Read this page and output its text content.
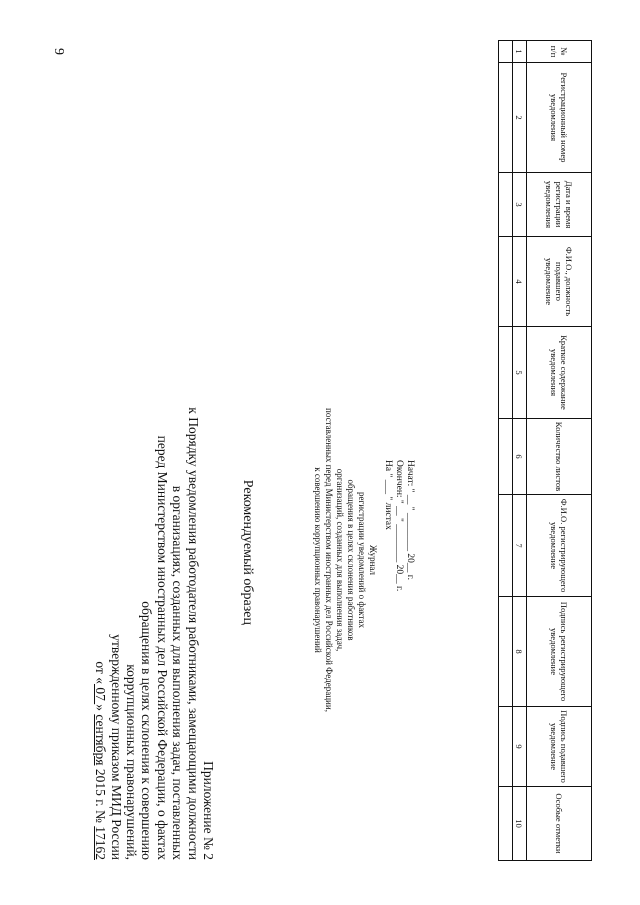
9
Приложение № 2
к Порядку уведомления работодателя работниками, замещающими должности
в организациях, созданных для выполнения задач, поставленных
перед Министерством иностранных дел Российской Федерации, о фактах
обращения в целях склонения к совершению
коррупционных правонарушений,
утвержденному приказом МИД России
от « 07 » сентября 2015 г. № 17162
Рекомендуемый образец	Журнал
регистрации уведомлений о фактах
обращения в целях склонения работников
организаций, созданных для выполнения задач,
поставленных перед Министерством иностранных дел Российской Федерации,
к совершению коррупционных правонарушений	Начат: " __ " ________ 20__ г.
Окончен: " __ " ________ 20__ г.
На " ___ " листах
№ п/п	Регистрационный номер уведомления	Дата и время регистрации уведомления	Ф.И.О., должность подавшего уведомление	Краткое содержание уведомления	Количество листов	Ф.И.О. регистрирующего уведомление	Подпись регистрирующего уведомление	Подпись подавшего уведомление	Особые отметки
1	2	3	4	5	6	7	8	9	10
